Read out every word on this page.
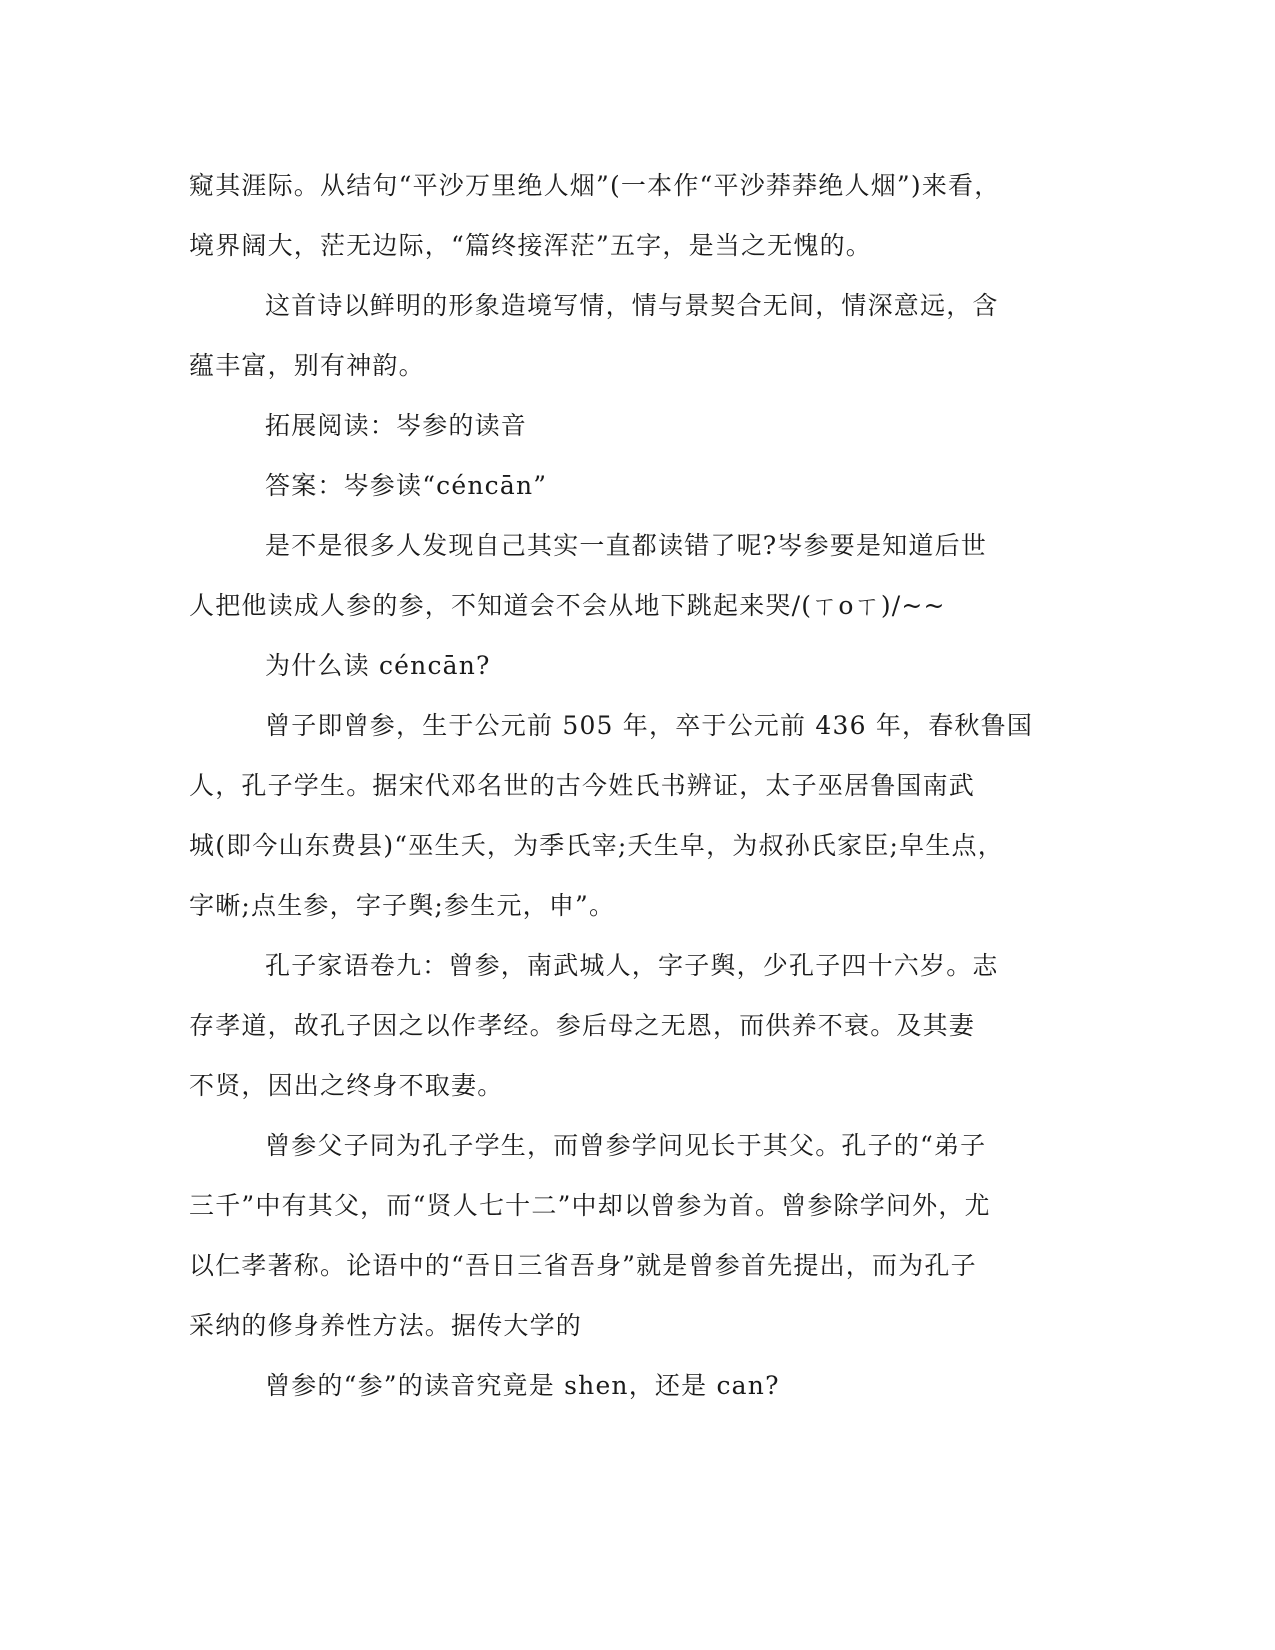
窥其涯际。从结句“平沙万里绝人烟”(一本作“平沙莽莽绝人烟”)来看，
境界阔大，茫无边际，“篇终接浑茫”五字，是当之无愧的。
这首诗以鲜明的形象造境写情，情与景契合无间，情深意远，含
蕴丰富，别有神韵。
拓展阅读：岑参的读音
答案：岑参读“céncān”
是不是很多人发现自己其实一直都读错了呢?岑参要是知道后世
人把他读成人参的参，不知道会不会从地下跳起来哭/(ㄒoㄒ)/~~
为什么读 céncān?
曾子即曾参，生于公元前 505 年，卒于公元前 436 年，春秋鲁国
人，孔子学生。据宋代邓名世的古今姓氏书辨证，太子巫居鲁国南武
城(即今山东费县)“巫生夭，为季氏宰;夭生皁，为叔孙氏家臣;皁生点，
字晰;点生参，字子舆;参生元，申”。
孔子家语卷九：曾参，南武城人，字子舆，少孔子四十六岁。志
存孝道，故孔子因之以作孝经。参后母之无恩，而供养不衰。及其妻
不贤，因出之终身不取妻。
曾参父子同为孔子学生，而曾参学问见长于其父。孔子的“弟子
三千”中有其父，而“贤人七十二”中却以曾参为首。曾参除学问外，尤
以仁孝著称。论语中的“吾日三省吾身”就是曾参首先提出，而为孔子
采纳的修身养性方法。据传大学的
曾参的“参”的读音究竟是 shen，还是 can?
